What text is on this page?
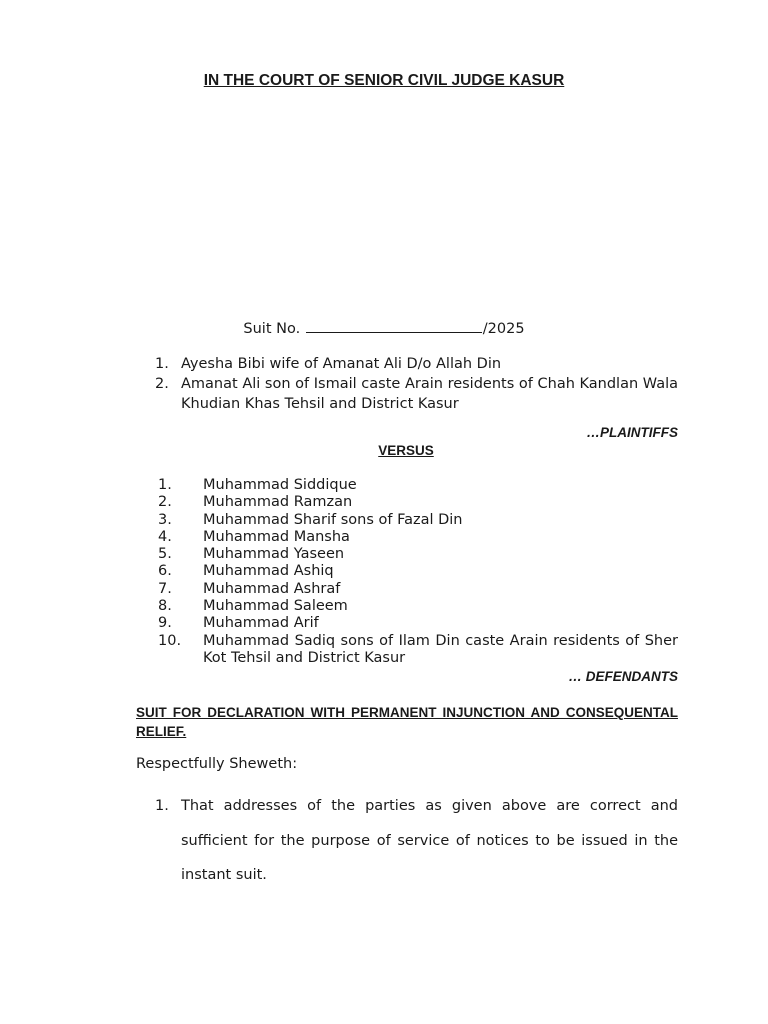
IN THE COURT OF SENIOR CIVIL JUDGE KASUR
Suit No.	/2025
1. Ayesha Bibi wife of Amanat Ali D/o Allah Din
2. Amanat Ali son of Ismail caste Arain residents of Chah Kandlan Wala Khudian Khas Tehsil and District Kasur
…PLAINTIFFS
VERSUS
1. Muhammad Siddique
2. Muhammad Ramzan
3. Muhammad Sharif sons of Fazal Din
4. Muhammad Mansha
5. Muhammad Yaseen
6. Muhammad Ashiq
7. Muhammad Ashraf
8. Muhammad Saleem
9. Muhammad Arif
10. Muhammad Sadiq sons of Ilam Din caste Arain residents of Sher Kot Tehsil and District Kasur
… DEFENDANTS
SUIT FOR DECLARATION WITH PERMANENT INJUNCTION AND CONSEQUENTAL RELIEF.
Respectfully Sheweth:
1. That addresses of the parties as given above are correct and sufficient for the purpose of service of notices to be issued in the instant suit.
